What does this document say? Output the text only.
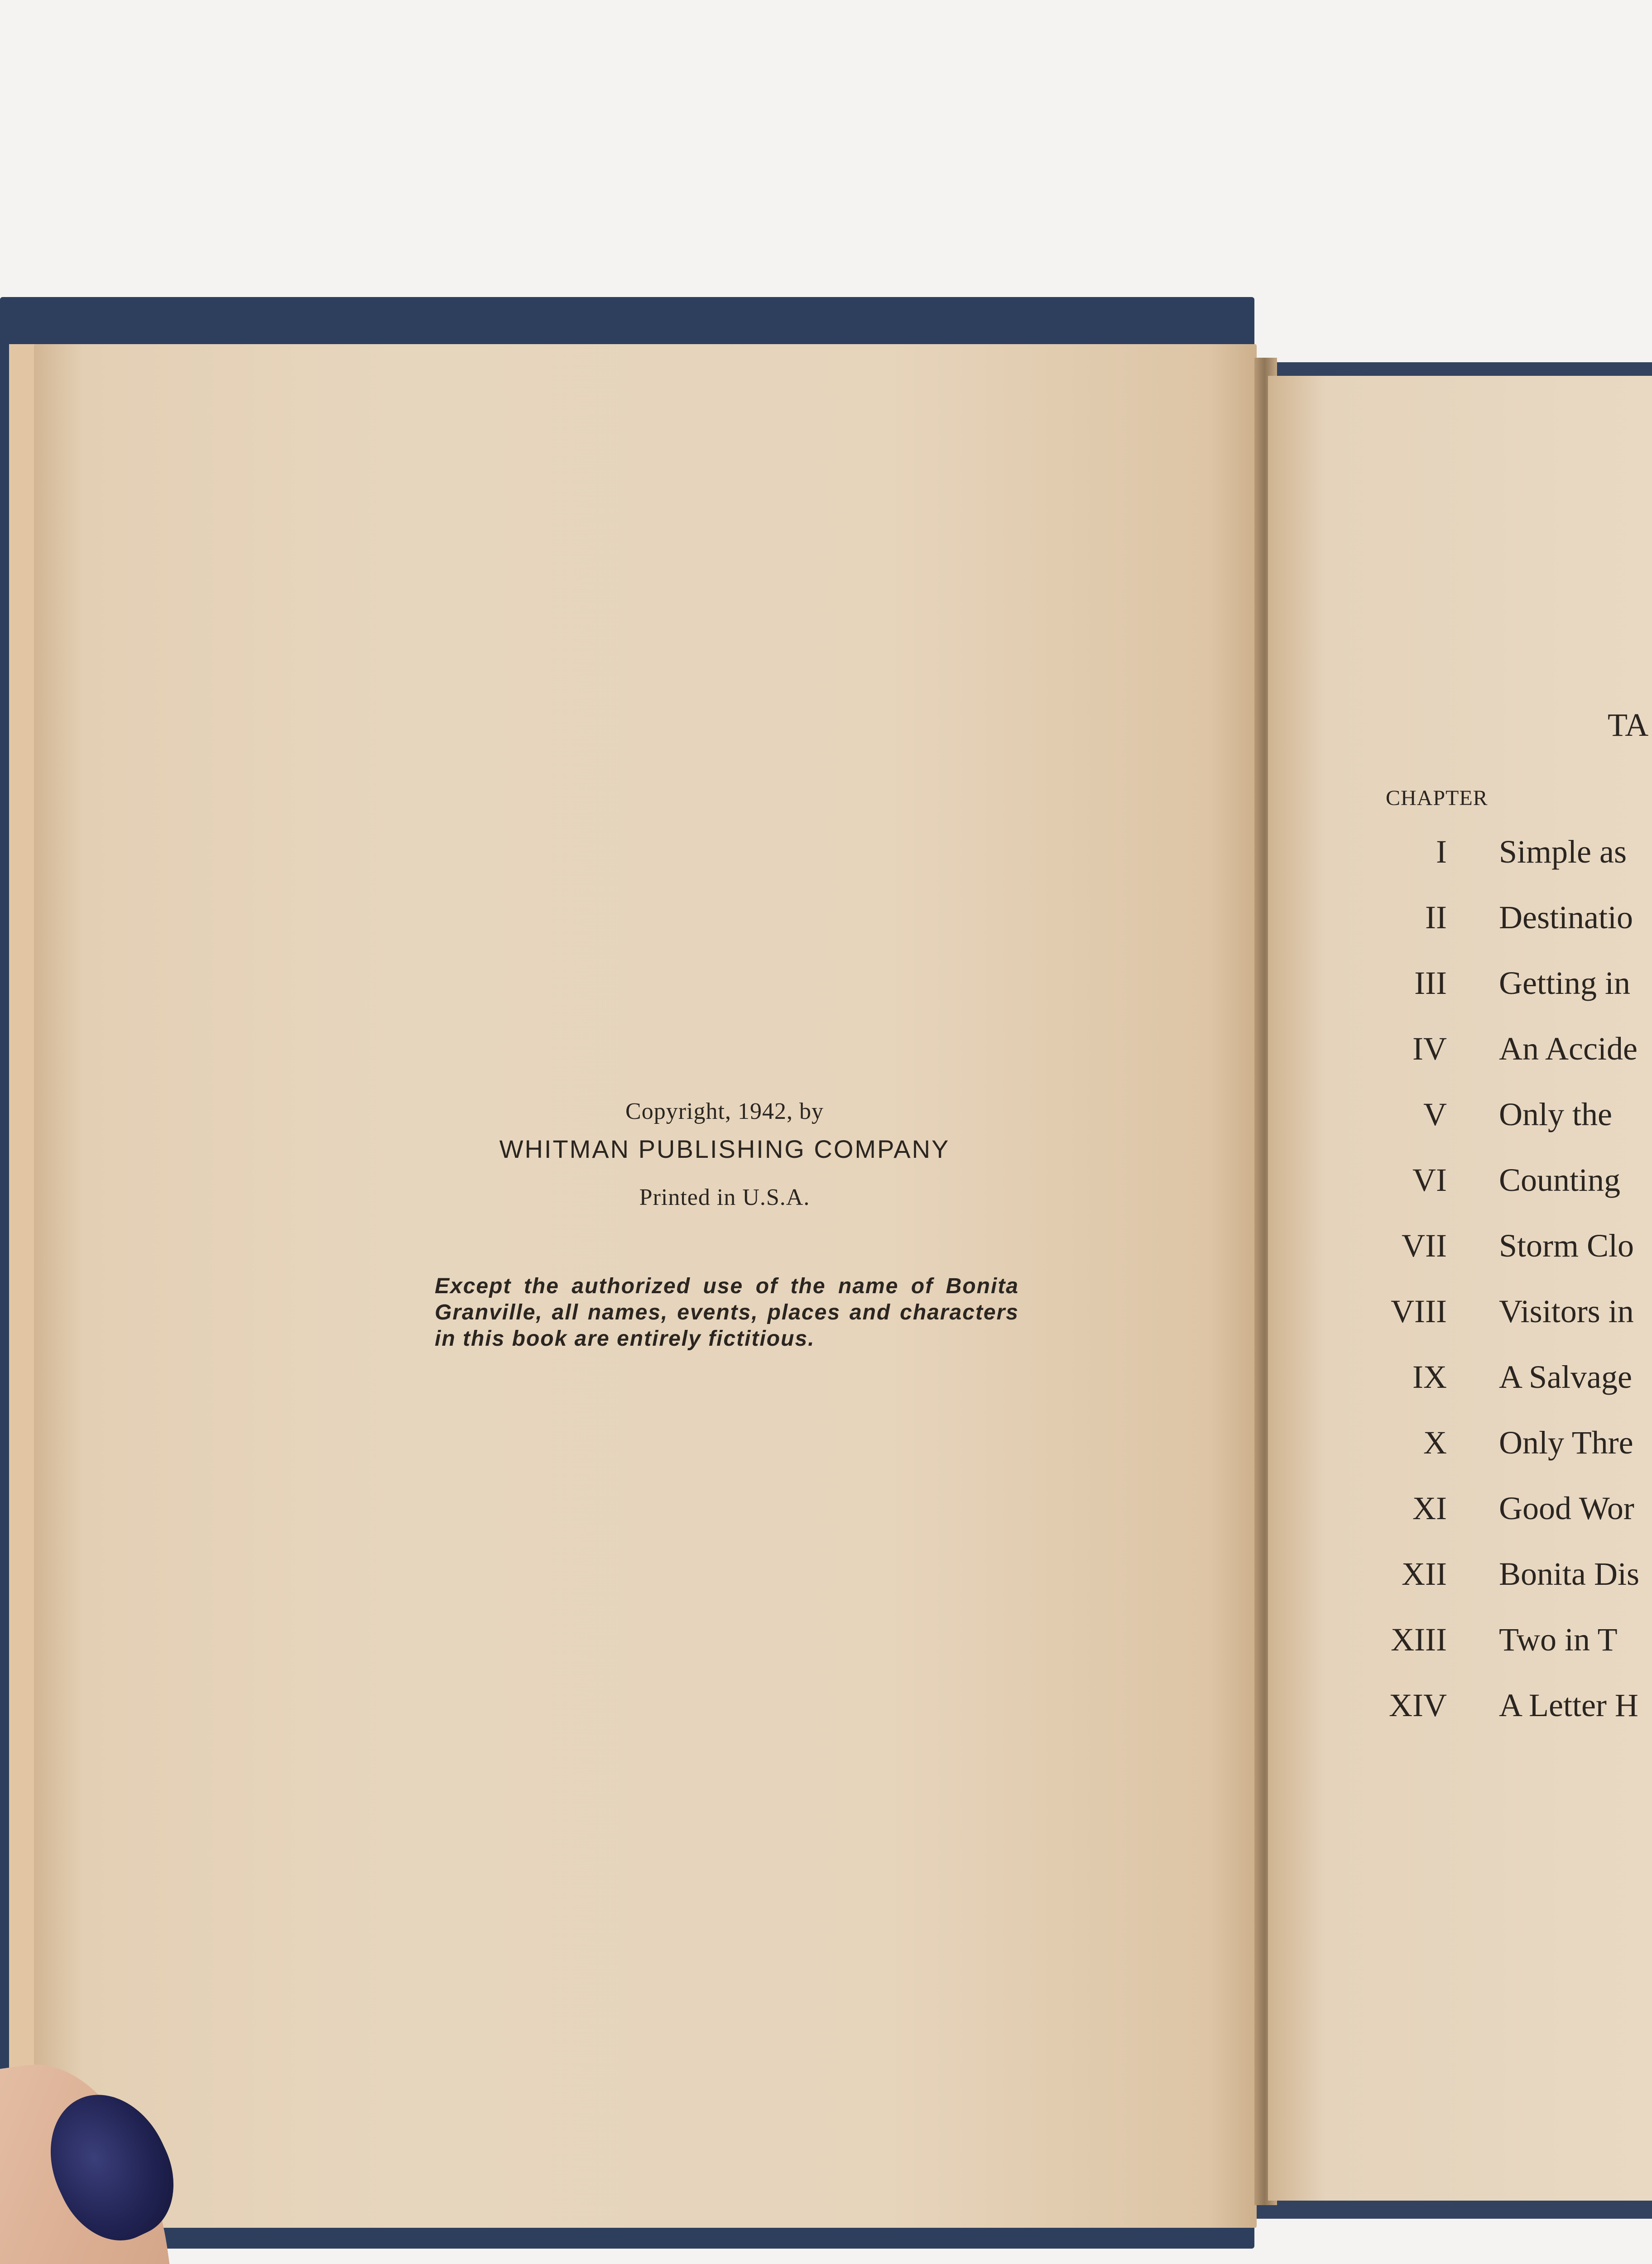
Copyright, 1942, by
WHITMAN PUBLISHING COMPANY
Printed in U.S.A.
Except the authorized use of the name of Bonita Granville, all names, events, places and characters in this book are entirely fictitious.
TA
CHAPTER
I Simple as
II Destinatio
III Getting in
IV An Accide
V Only the
VI Counting
VII Storm Clo
VIII Visitors in
IX A Salvage
X Only Thre
XI Good Wor
XII Bonita Dis
XIII Two in T
XIV A Letter H
